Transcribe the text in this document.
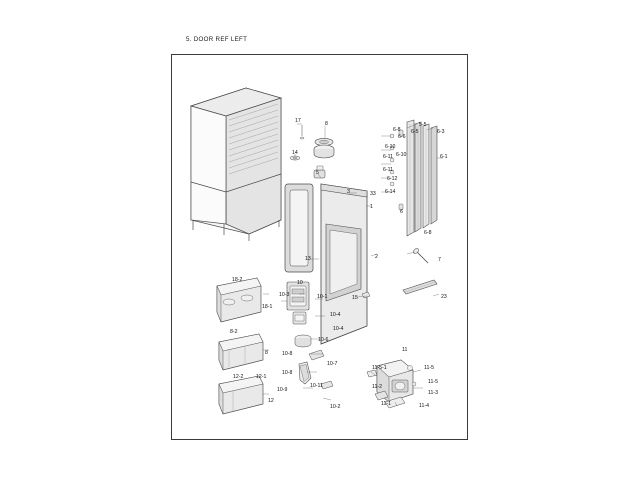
5. DOOR REF LEFT
17	8
14
5-5
6-8
6-6
6-5	6-3
6-10
6-11	6-1
6-10
6-11
6-12
6-14
6
6-8
7
5
3	33
1
13	2
23
15
10
18-2
10-3	10-1
18-1
10-4
8-2	10-4
10-6
11
8	10-8
10-7
11-5-1	11-5
11-5
10-8
11-2
12-2 12-1
10-9
10-11
11-3
12	11-1	11-4
10-2
